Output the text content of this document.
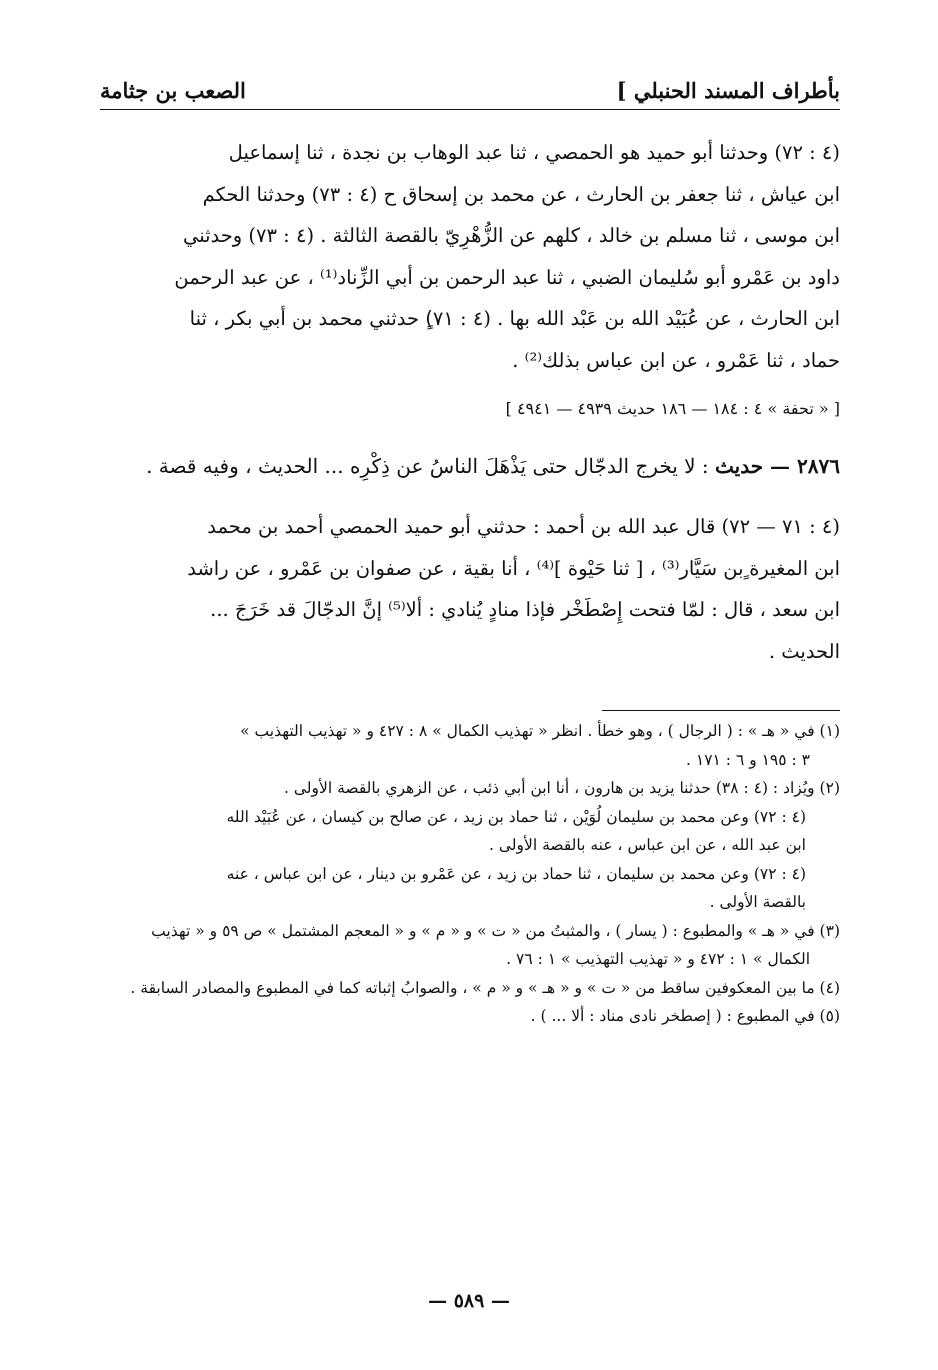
بأطراف المسند الحنبلي ]
الصعب بن جثامة

(٤ : ٧٢) وحدثنا أبو حميد هو الحمصي ، ثنا عبد الوهاب بن نجدة ، ثنا إسماعيل

ابن عياش ، ثنا جعفر بن الحارث ، عن محمد بن إسحاق ح (٤ : ٧٣) وحدثنا الحكم

ابن موسى ، ثنا مسلم بن خالد ، كلهم عن الزُّهْرِيّ بالقصة الثالثة . (٤ : ٧٣) وحدثني

داود بن عَمْرو أبو سُليمان الضبي ، ثنا عبد الرحمن بن أبي الزِّناد⁽¹⁾ ، عن عبد الرحمن

ابن الحارث ، عن عُبَيْد الله بن عَبْد الله بها . (٤ : ٧١)ٍ حدثني محمد بن أبي بكر ، ثنا

حماد ، ثنا عَمْرو ، عن ابن عباس بذلك⁽²⁾ .

[ « تحفة » ٤ : ١٨٤ — ١٨٦ حديث ٤٩٣٩ — ٤٩٤١ ]
٢٨٧٦ — حديث : لا يخرج الدجّال حتى يَذْهَلَ الناسُ عن ذِكْرِه ... الحديث ، وفيه قصة .

(٤ : ٧١ — ٧٢) قال عبد الله بن أحمد : حدثني أبو حميد الحمصي أحمد بن محمد

ابن المغيرة ٍبن سَيَّار⁽³⁾ ، [ ثنا حَيْوة ]⁽⁴⁾ ، أنا بقية ، عن صفوان بن عَمْرو ، عن راشد

ابن سعد ، قال : لمّا فتحت إِصْطَخْر فإذا منادٍ يُنادي : ألا⁽⁵⁾ إنَّ الدجّالَ قد خَرَجَ ...

الحديث .

(١) في « هـ » : ( الرجال ) ، وهو خطأ . انظر « تهذيب الكمال » ٨ : ٤٢٧ و « تهذيب التهذيب »

٣ : ١٩٥ و ٦ : ١٧١ .

(٢) ويُزاد : (٤ : ٣٨) حدثنا يزيد بن هارون ، أنا ابن أبي ذئب ، عن الزهري بالقصة الأولى .

(٤ : ٧٢) وعن محمد بن سليمان لُوَيْن ، ثنا حماد بن زيد ، عن صالح بن كيسان ، عن عُبَيْد الله

ابن عبد الله ، عن ابن عباس ، عنه بالقصة الأولى .

(٤ : ٧٢) وعن محمد بن سليمان ، ثنا حماد بن زيد ، عن عَمْرو بن دينار ، عن ابن عباس ، عنه

بالقصة الأولى .

(٣) في « هـ » والمطبوع : ( يسار ) ، والمثبتُ من « ت » و « م » و « المعجم المشتمل » ص ٥٩ و « تهذيب

الكمال » ١ : ٤٧٢ و « تهذيب التهذيب » ١ : ٧٦ .

(٤) ما بين المعكوفين ساقط من « ت » و « هـ » و « م » ، والصوابُ إثباته كما في المطبوع والمصادر السابقة .

(٥) في المطبوع : ( إصطخر نادى مناد : ألا ... ) .

— ٥٨٩ —
